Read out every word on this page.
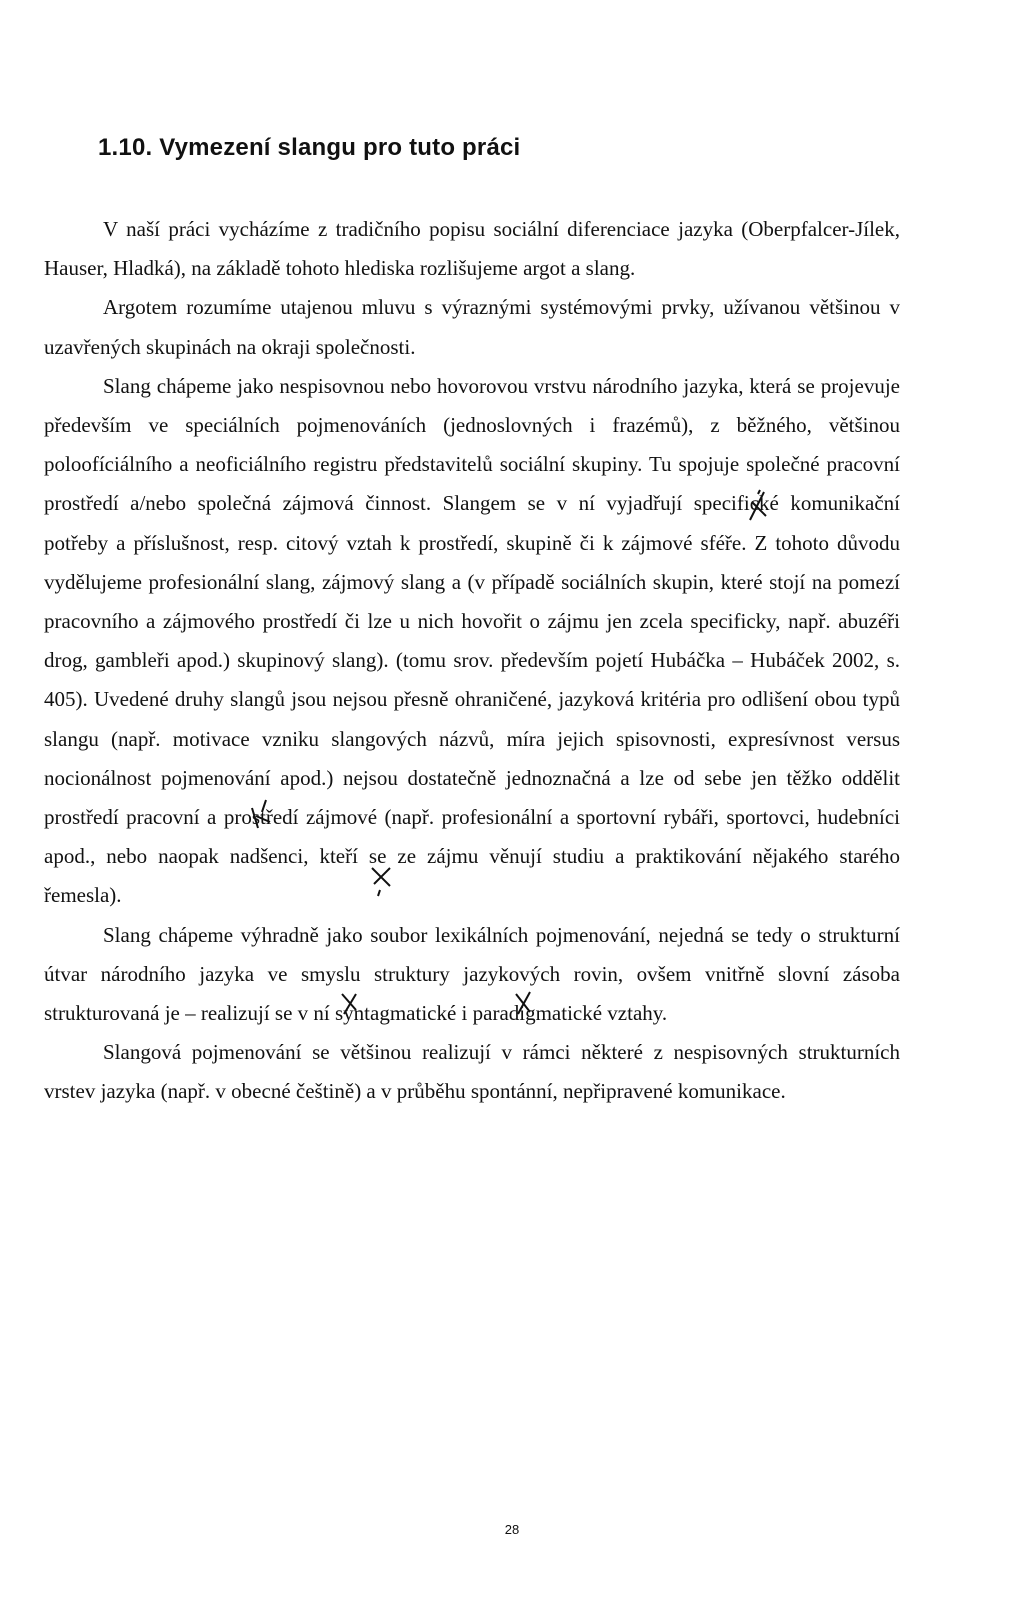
1.10. Vymezení slangu pro tuto práci

V naší práci vycházíme z tradičního popisu sociální diferenciace jazyka (Oberpfalcer-Jílek, Hauser, Hladká), na základě tohoto hlediska rozlišujeme argot a slang.

Argotem rozumíme utajenou mluvu s výraznými systémovými prvky, užívanou většinou v uzavřených skupinách na okraji společnosti.

Slang chápeme jako nespisovnou nebo hovorovou vrstvu národního jazyka, která se projevuje především ve speciálních pojmenováních (jednoslovných i frazémů), z běžného, většinou poloofíciálního a neoficiálního registru představitelů sociální skupiny. Tu spojuje společné pracovní prostředí a/nebo společná zájmová činnost. Slangem se v ní vyjadřují specifické komunikační potřeby a příslušnost, resp. citový vztah k prostředí, skupině či k zájmové sféře. Z tohoto důvodu vydělujeme profesionální slang, zájmový slang a (v případě sociálních skupin, které stojí na pomezí pracovního a zájmového prostředí či lze u nich hovořit o zájmu jen zcela specificky, např. abuzéři drog, gambleři apod.) skupinový slang). (tomu srov. především pojetí Hubáčka – Hubáček 2002, s. 405). Uvedené druhy slangů jsou nejsou přesně ohraničené, jazyková kritéria pro odlišení obou typů slangu (např. motivace vzniku slangových názvů, míra jejich spisovnosti, expresívnost versus nocionálnost pojmenování apod.) nejsou dostatečně jednoznačná a lze od sebe jen těžko oddělit prostředí pracovní a prostředí zájmové (např. profesionální a sportovní rybáři, sportovci, hudebníci apod., nebo naopak nadšenci, kteří se ze zájmu věnují studiu a praktikování nějakého starého řemesla).

Slang chápeme výhradně jako soubor lexikálních pojmenování, nejedná se tedy o strukturní útvar národního jazyka ve smyslu struktury jazykových rovin, ovšem vnitřně slovní zásoba strukturovaná je – realizují se v ní syntagmatické i paradigmatické vztahy.

Slangová pojmenování se většinou realizují v rámci některé z nespisovných strukturních vrstev jazyka (např. v obecné češtině) a v průběhu spontánní, nepřipravené komunikace.

28
